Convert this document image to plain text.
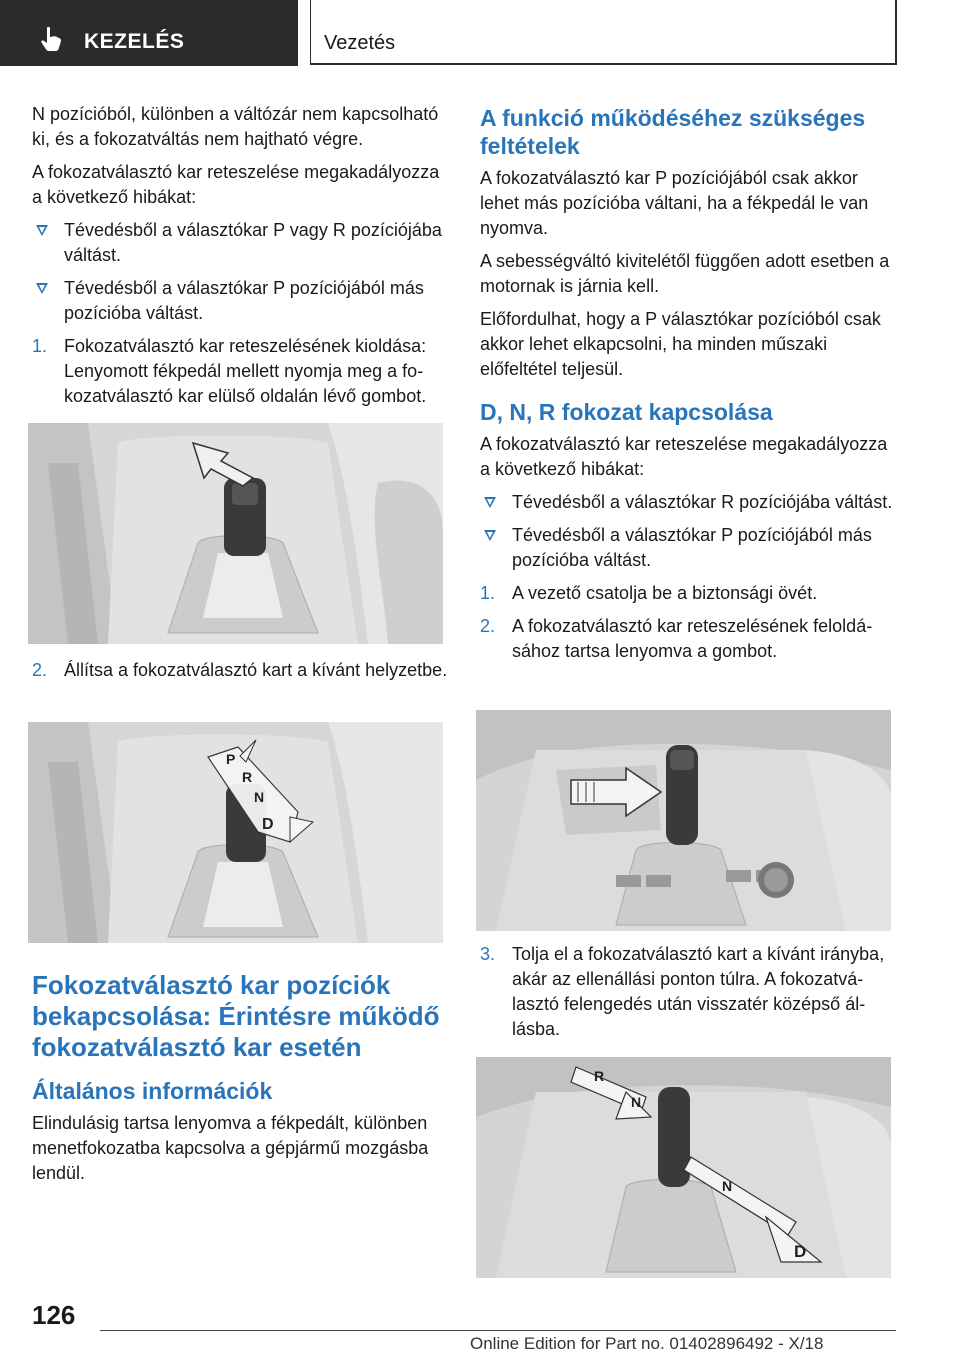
KEZELÉS	Vezetés

N pozícióból, különben a váltózár nem kapcsolható ki, és a fokozatváltás nem hajtható végre.

A fokozatválasztó kar reteszelése megakadályozza a következő hibákat:

Tévedésből a választókar P vagy R pozíciójába váltást.
Tévedésből a választókar P pozíciójából más pozícióba váltást.
1. Fokozatválasztó kar reteszelésének kioldása: Lenyomott fékpedál mellett nyomja meg a fokozatválasztó kar elülső oldalán lévő gombot.
2. Állítsa a fokozatválasztó kart a kívánt helyzetbe.
P
R
N
D
Fokozatválasztó kar pozíciók bekapcsolása: Érintésre működő fokozatválasztó kar esetén
Általános információk

Elindulásig tartsa lenyomva a fékpedált, különben menetfokozatba kapcsolva a gépjármű mozgásba lendül.

A funkció működéséhez szükséges feltételek

A fokozatválasztó kar P pozíciójából csak akkor lehet más pozícióba váltani, ha a fékpedál le van nyomva.

A sebességváltó kivitelétől függően adott esetben a motornak is járnia kell.

Előfordulhat, hogy a P választókar pozícióból csak akkor lehet elkapcsolni, ha minden műszaki előfeltétel teljesül.

D, N, R fokozat kapcsolása

A fokozatválasztó kar reteszelése megakadályozza a következő hibákat:

Tévedésből a választókar R pozíciójába váltást.
Tévedésből a választókar P pozíciójából más pozícióba váltást.
1. A vezető csatolja be a biztonsági övét.
2. A fokozatválasztó kar reteszelésének feloldásához tartsa lenyomva a gombot.
3. Tolja el a fokozatválasztó kart a kívánt irányba, akár az ellenállási ponton túlra. A fokozatválasztó felengedés után visszatér középső állásba.
R
N
N
D
126
Online Edition for Part no. 01402896492 - X/18
